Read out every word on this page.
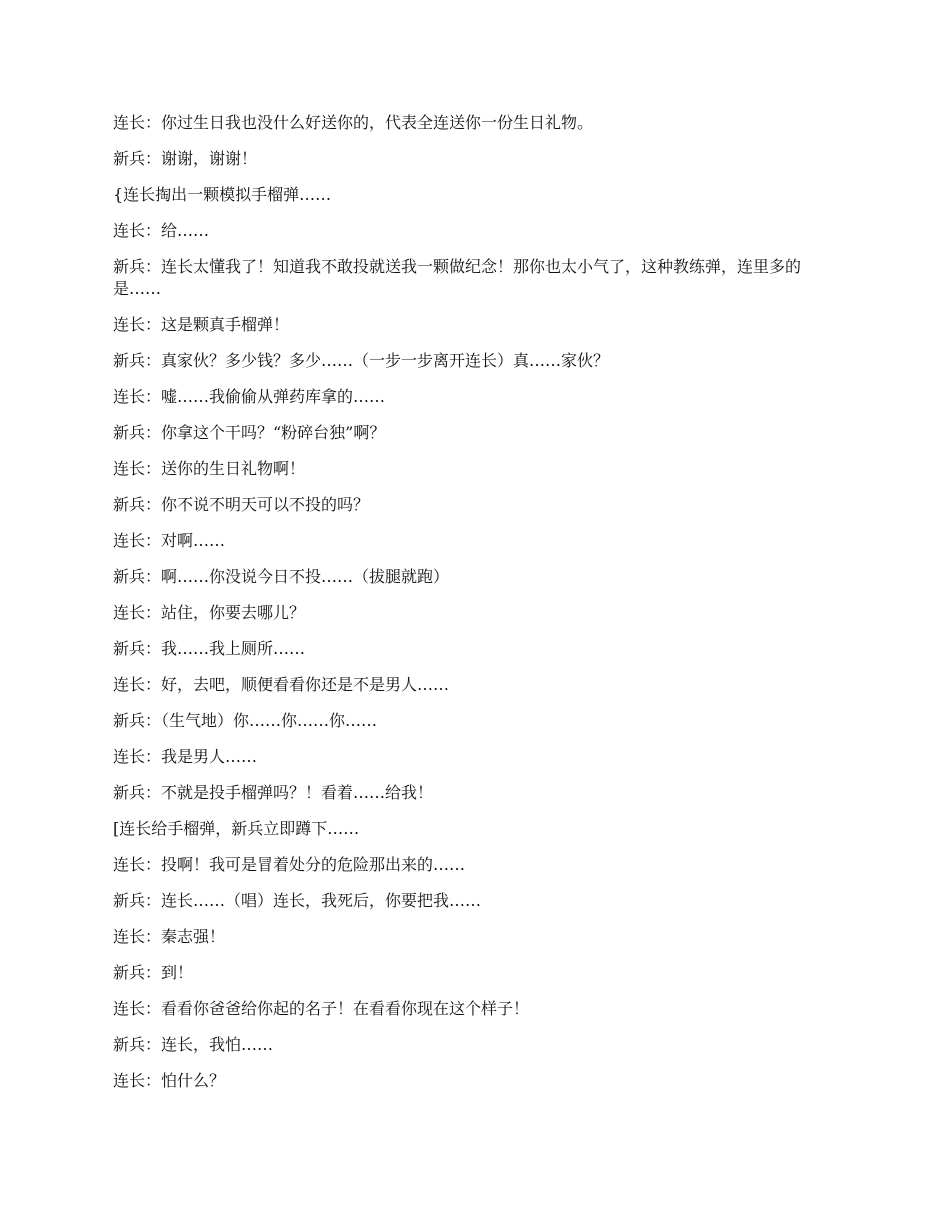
连长：你过生日我也没什么好送你的，代表全连送你一份生日礼物。

新兵：谢谢，谢谢！

{连长掏出一颗模拟手榴弹……

连长：给……

新兵：连长太懂我了！知道我不敢投就送我一颗做纪念！那你也太小气了，这种教练弹，连里多的是……

连长：这是颗真手榴弹！

新兵：真家伙？多少钱？多少……（一步一步离开连长）真……家伙？

连长：嘘……我偷偷从弹药库拿的……

新兵：你拿这个干吗？“粉碎台独”啊？

连长：送你的生日礼物啊！

新兵：你不说不明天可以不投的吗？

连长：对啊……

新兵：啊……你没说今日不投……（拔腿就跑）

连长：站住，你要去哪儿？

新兵：我……我上厕所……

连长：好，去吧，顺便看看你还是不是男人……

新兵：（生气地）你……你……你……

连长：我是男人……

新兵：不就是投手榴弹吗？！看着……给我！

[连长给手榴弹，新兵立即蹲下……

连长：投啊！我可是冒着处分的危险那出来的……

新兵：连长……（唱）连长，我死后，你要把我……

连长：秦志强！

新兵：到！

连长：看看你爸爸给你起的名子！在看看你现在这个样子！

新兵：连长，我怕……

连长：怕什么？
